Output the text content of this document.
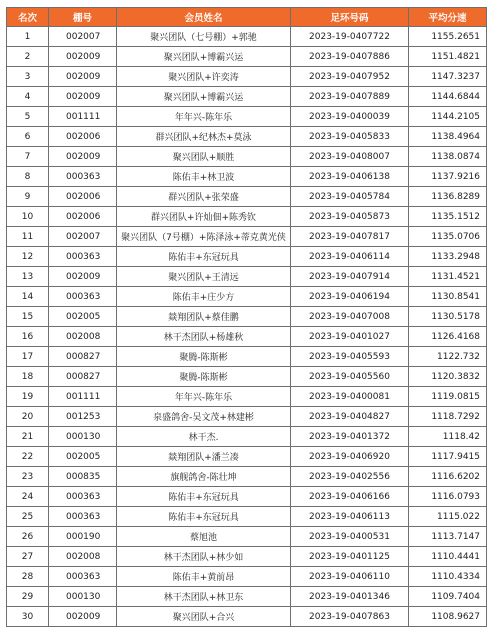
名次	棚号	会员姓名	足环号码	平均分速
1	002007	聚兴团队（七号棚）+郭驰	2023-19-0407722	1155.2651
2	002009	聚兴团队+博霸兴运	2023-19-0407886	1151.4821
3	002009	聚兴团队+许奕涛	2023-19-0407952	1147.3237
4	002009	聚兴团队+博霸兴运	2023-19-0407889	1144.6844
5	001111	年年兴-陈年乐	2023-19-0400039	1144.2105
6	002006	群兴团队+纪林杰+莫泳	2023-19-0405833	1138.4964
7	002009	聚兴团队+顺胜	2023-19-0408007	1138.0874
8	000363	陈佑丰+林卫波	2023-19-0406138	1137.9216
9	002006	群兴团队+张荣盛	2023-19-0405784	1136.8289
10	002006	群兴团队+许灿佃+陈秀钦	2023-19-0405873	1135.1512
11	002007	聚兴团队（7号棚）+陈泽泳+蒂克黄光侠	2023-19-0407817	1135.0706
12	000363	陈佑丰+东冠玩具	2023-19-0406114	1133.2948
13	002009	聚兴团队+王清远	2023-19-0407914	1131.4521
14	000363	陈佑丰+庄少方	2023-19-0406194	1130.8541
15	002005	燚翔团队+蔡佳鹏	2023-19-0407008	1130.5178
16	002008	林干杰团队+杨雄秋	2023-19-0401027	1126.4168
17	000827	聚腾-陈斯彬	2023-19-0405593	1122.732
18	000827	聚腾-陈斯彬	2023-19-0405560	1120.3832
19	001111	年年兴-陈年乐	2023-19-0400081	1119.0815
20	001253	泉盛鸽舍-吴文茂+林建彬	2023-19-0404827	1118.7292
21	000130	林干杰.	2023-19-0401372	1118.42
22	002005	燚翔团队+潘兰凑	2023-19-0406920	1117.9415
23	000835	旗舰鸽舍-陈壮坤	2023-19-0402556	1116.6202
24	000363	陈佑丰+东冠玩具	2023-19-0406166	1116.0793
25	000363	陈佑丰+东冠玩具	2023-19-0406113	1115.022
26	000190	蔡旭池	2023-19-0400531	1113.7147
27	002008	林干杰团队+林少如	2023-19-0401125	1110.4441
28	000363	陈佑丰+黄前昂	2023-19-0406110	1110.4334
29	000130	林干杰团队+林卫东	2023-19-0401346	1109.7404
30	002009	聚兴团队+合兴	2023-19-0407863	1108.9627
